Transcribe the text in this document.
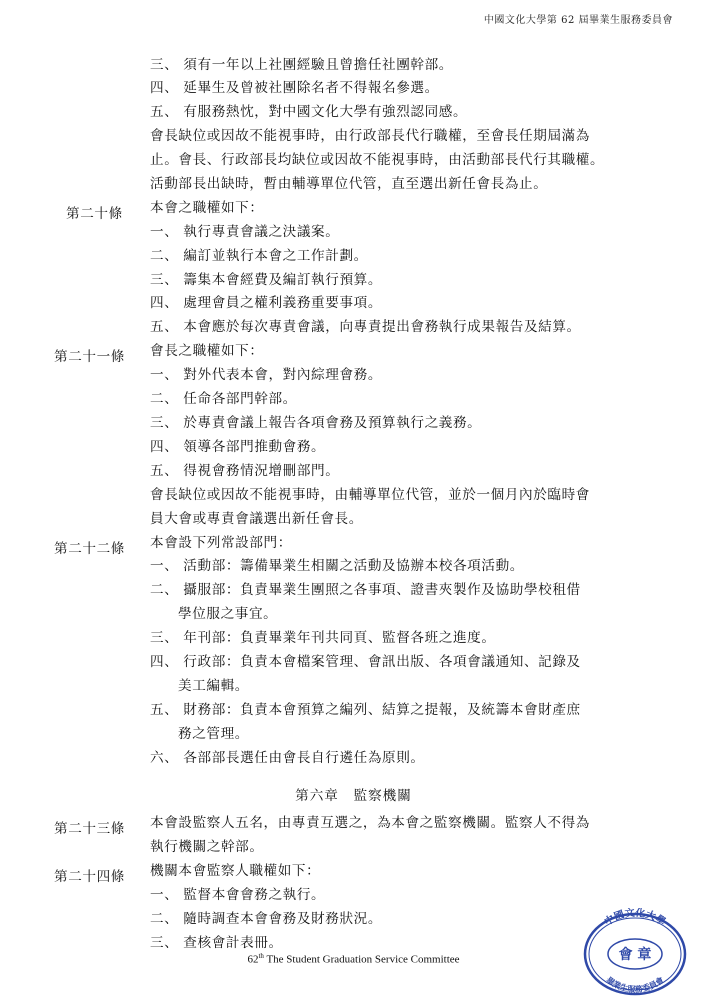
中國文化大學第 62 屆畢業生服務委員會
三、 須有一年以上社團經驗且曾擔任社團幹部。
四、 延畢生及曾被社團除名者不得報名參選。
五、 有服務熱忱，對中國文化大學有強烈認同感。
會長缺位或因故不能視事時，由行政部長代行職權，至會長任期屆滿為
止。會長、行政部長均缺位或因故不能視事時，由活動部長代行其職權。
活動部長出缺時，暫由輔導單位代管，直至選出新任會長為止。
第二十條 本會之職權如下：
一、 執行專責會議之決議案。
二、 編訂並執行本會之工作計劃。
三、 籌集本會經費及編訂執行預算。
四、 處理會員之權利義務重要事項。
五、 本會應於每次專責會議，向專責提出會務執行成果報告及結算。
第二十一條 會長之職權如下：
一、 對外代表本會，對內綜理會務。
二、 任命各部門幹部。
三、 於專責會議上報告各項會務及預算執行之義務。
四、 領導各部門推動會務。
五、 得視會務情況增刪部門。
會長缺位或因故不能視事時，由輔導單位代管，並於一個月內於臨時會
員大會或專責會議選出新任會長。
第二十二條 本會設下列常設部門：
一、 活動部：籌備畢業生相關之活動及協辦本校各項活動。
二、 攝服部：負責畢業生團照之各事項、證書夾製作及協助學校租借
學位服之事宜。
三、 年刊部：負責畢業年刊共同頁、監督各班之進度。
四、 行政部：負責本會檔案管理、會訊出版、各項會議通知、記錄及
美工編輯。
五、 財務部：負責本會預算之編列、結算之提報，及統籌本會財產庶
務之管理。
六、 各部部長選任由會長自行遴任為原則。
第六章　監察機關
第二十三條 本會設監察人五名，由專責互選之，為本會之監察機關。監察人不得為
執行機關之幹部。
第二十四條 機關本會監察人職權如下：
一、 監督本會會務之執行。
二、 隨時調查本會會務及財務狀況。
三、 查核會計表冊。
62th The Student Graduation Service Committee
中國文化大學
會 章
畢業生服務委員會
